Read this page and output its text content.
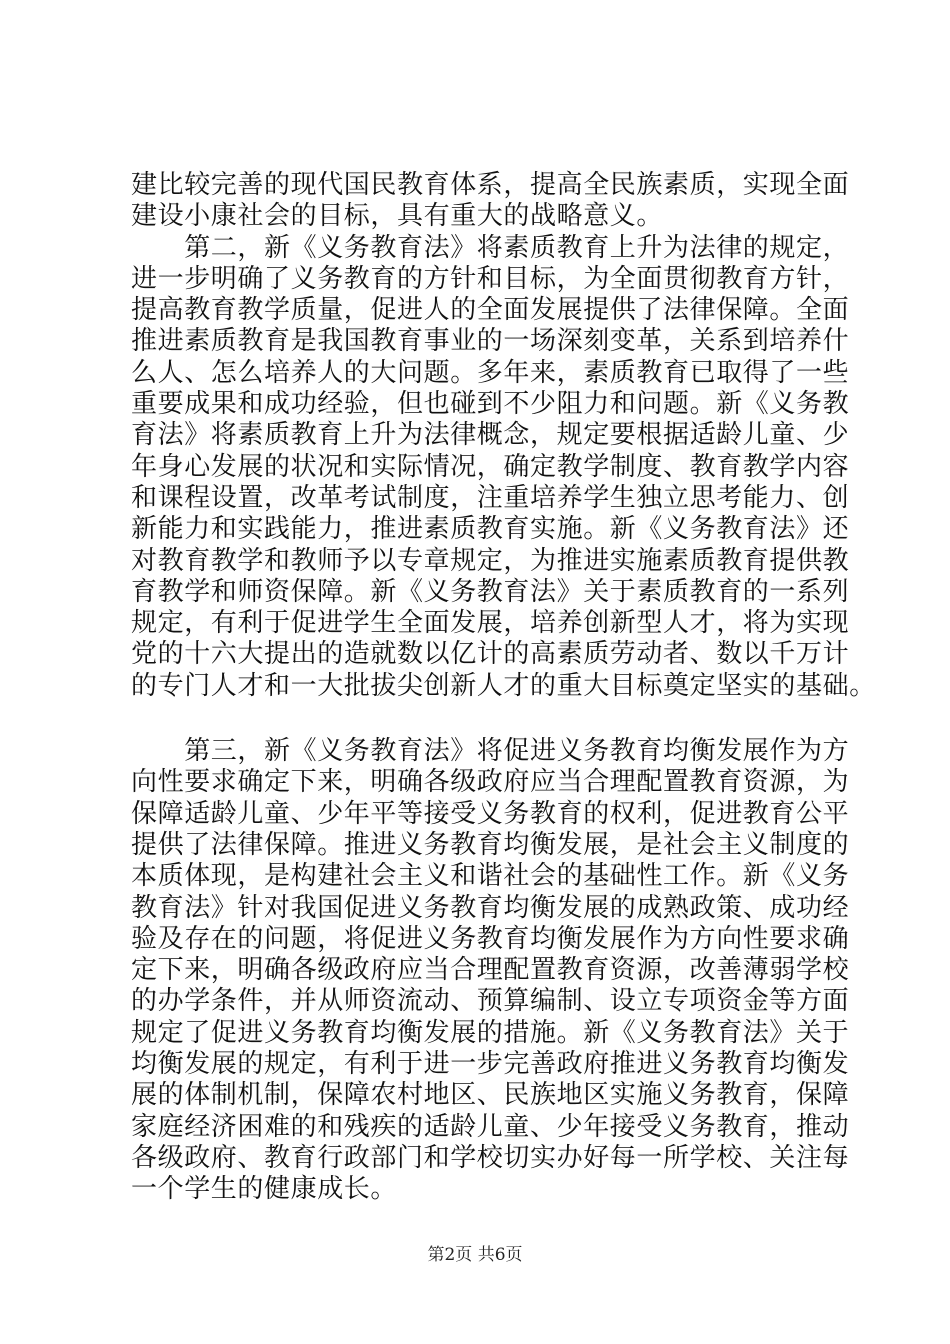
建比较完善的现代国民教育体系，提高全民族素质，实现全面
建设小康社会的目标，具有重大的战略意义。
　　第二，新《义务教育法》将素质教育上升为法律的规定，
进一步明确了义务教育的方针和目标，为全面贯彻教育方针，
提高教育教学质量，促进人的全面发展提供了法律保障。全面
推进素质教育是我国教育事业的一场深刻变革，关系到培养什
么人、怎么培养人的大问题。多年来，素质教育已取得了一些
重要成果和成功经验，但也碰到不少阻力和问题。新《义务教
育法》将素质教育上升为法律概念，规定要根据适龄儿童、少
年身心发展的状况和实际情况，确定教学制度、教育教学内容
和课程设置，改革考试制度，注重培养学生独立思考能力、创
新能力和实践能力，推进素质教育实施。新《义务教育法》还
对教育教学和教师予以专章规定，为推进实施素质教育提供教
育教学和师资保障。新《义务教育法》关于素质教育的一系列
规定，有利于促进学生全面发展，培养创新型人才，将为实现
党的十六大提出的造就数以亿计的高素质劳动者、数以千万计
的专门人才和一大批拔尖创新人才的重大目标奠定坚实的基础。
　　第三，新《义务教育法》将促进义务教育均衡发展作为方
向性要求确定下来，明确各级政府应当合理配置教育资源，为
保障适龄儿童、少年平等接受义务教育的权利，促进教育公平
提供了法律保障。推进义务教育均衡发展，是社会主义制度的
本质体现，是构建社会主义和谐社会的基础性工作。新《义务
教育法》针对我国促进义务教育均衡发展的成熟政策、成功经
验及存在的问题，将促进义务教育均衡发展作为方向性要求确
定下来，明确各级政府应当合理配置教育资源，改善薄弱学校
的办学条件，并从师资流动、预算编制、设立专项资金等方面
规定了促进义务教育均衡发展的措施。新《义务教育法》关于
均衡发展的规定，有利于进一步完善政府推进义务教育均衡发
展的体制机制，保障农村地区、民族地区实施义务教育，保障
家庭经济困难的和残疾的适龄儿童、少年接受义务教育，推动
各级政府、教育行政部门和学校切实办好每一所学校、关注每
一个学生的健康成长。
第2页 共6页
